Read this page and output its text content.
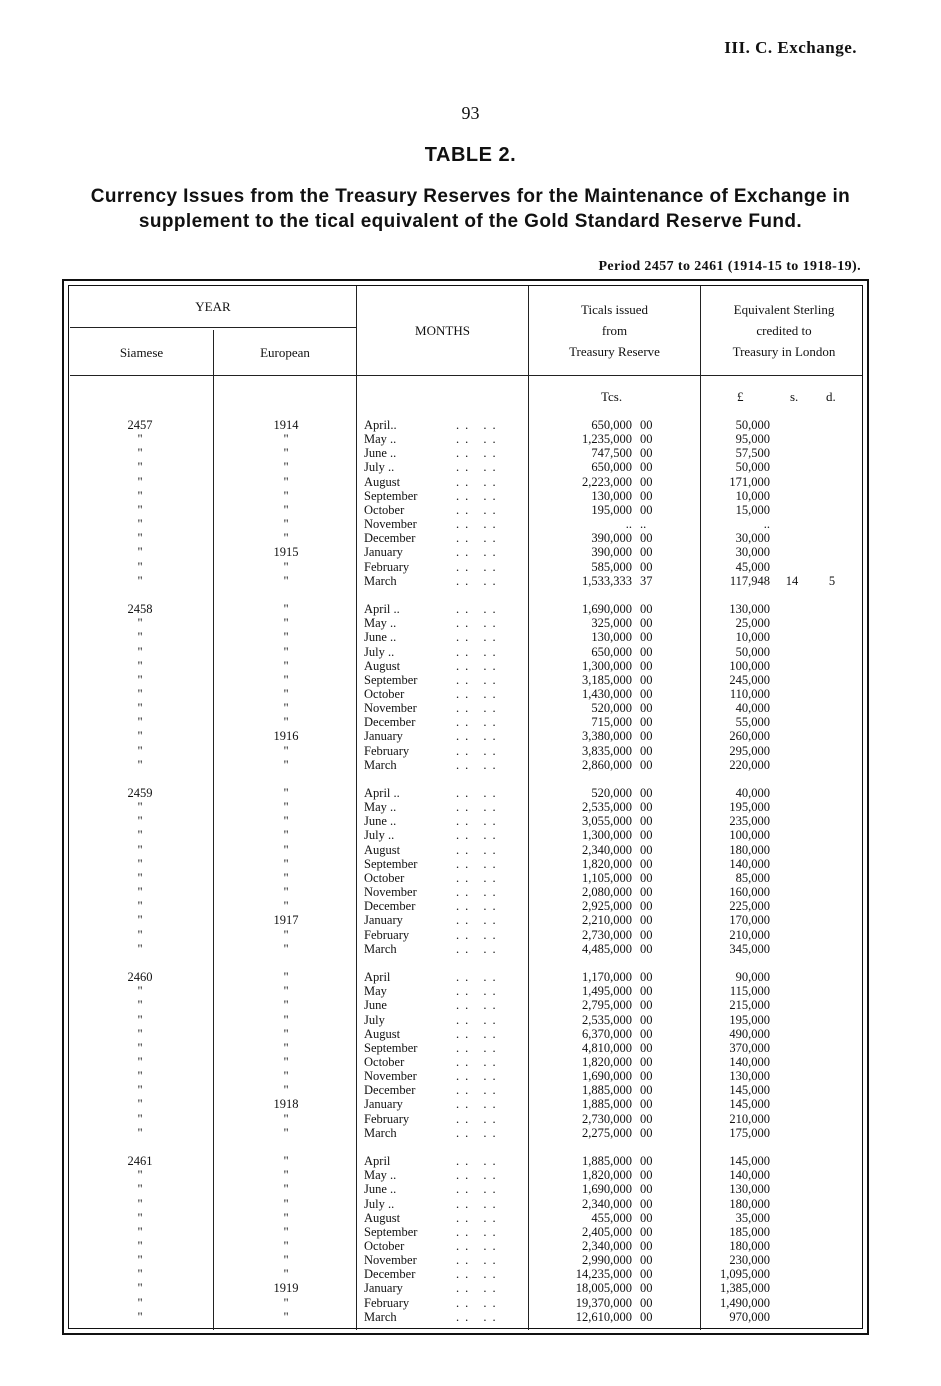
III. C. Exchange.
93
TABLE 2.
Currency Issues from the Treasury Reserves for the Maintenance of Exchange in
supplement to the tical equivalent of the Gold Standard Reserve Fund.
Period 2457 to 2461 (1914-15 to 1918-19).
YEAR
Siamese	European
MONTHS
Ticals issued
from
Treasury Reserve
Equivalent Sterling
credited to
Treasury in London
Tcs.	£	s. d.
2457	1914	April..	650,000 00	50,000
.. ..
"	"	May ..	1,235,000 00	95,000
.. ..
"	"	June ..	747,500 00	57,500
.. ..
"	"	July ..	650,000 00	50,000
.. ..
"	"	August	2,223,000 00	171,000
.. ..
"	"	September	130,000 00	10,000
.. ..
"	"	October	195,000 00	15,000
.. ..
"	"	November	.. ..	..
.. ..
"	"	December	390,000 00	30,000
.. ..
"	1915	January	390,000 00	30,000
.. ..
"	"	February	585,000 00	45,000
.. ..
"	"	March	1,533,333 37	117,948	14	5
.. ..
2458	"	April ..	1,690,000 00	130,000
.. ..
"	"	May ..	325,000 00	25,000
.. ..
"	"	June ..	130,000 00	10,000
.. ..
"	"	July ..	650,000 00	50,000
.. ..
"	"	August	1,300,000 00	100,000
.. ..
"	"	September	3,185,000 00	245,000
.. ..
"	"	October	1,430,000 00	110,000
.. ..
"	"	November	520,000 00	40,000
.. ..
"	"	December	715,000 00	55,000
.. ..
"	1916	January	3,380,000 00	260,000
.. ..
"	"	February	3,835,000 00	295,000
.. ..
"	"	March	2,860,000 00	220,000
.. ..
2459	"	April ..	520,000 00	40,000
.. ..
"	"	May ..	2,535,000 00	195,000
.. ..
"	"	June ..	3,055,000 00	235,000
.. ..
"	"	July ..	1,300,000 00	100,000
.. ..
"	"	August	2,340,000 00	180,000
.. ..
"	"	September	1,820,000 00	140,000
.. ..
"	"	October	1,105,000 00	85,000
.. ..
"	"	November	2,080,000 00	160,000
.. ..
"	"	December	2,925,000 00	225,000
.. ..
"	1917	January	2,210,000 00	170,000
.. ..
"	"	February	2,730,000 00	210,000
.. ..
"	"	March	4,485,000 00	345,000
.. ..
2460	"	April	1,170,000 00	90,000
.. ..
"	"	May	1,495,000 00	115,000
.. ..
"	"	June	2,795,000 00	215,000
.. ..
"	"	July	2,535,000 00	195,000
.. ..
"	"	August	6,370,000 00	490,000
.. ..
"	"	September	4,810,000 00	370,000
.. ..
"	"	October	1,820,000 00	140,000
.. ..
"	"	November	1,690,000 00	130,000
.. ..
"	"	December	1,885,000 00	145,000
.. ..
"	1918	January	1,885,000 00	145,000
.. ..
"	"	February	2,730,000 00	210,000
.. ..
"	"	March	2,275,000 00	175,000
.. ..
2461	"	April	1,885,000 00	145,000
.. ..
"	"	May ..	1,820,000 00	140,000
.. ..
"	"	June ..	1,690,000 00	130,000
.. ..
"	"	July ..	2,340,000 00	180,000
.. ..
"	"	August	455,000 00	35,000
.. ..
"	"	September	2,405,000 00	185,000
.. ..
"	"	October	2,340,000 00	180,000
.. ..
"	"	November	2,990,000 00	230,000
.. ..
"	"	December	14,235,000 00	1,095,000
.. ..
"	1919	January	18,005,000 00	1,385,000
.. ..
"	"	February	19,370,000 00	1,490,000
.. ..
"	"	March	12,610,000 00	970,000
.. ..
